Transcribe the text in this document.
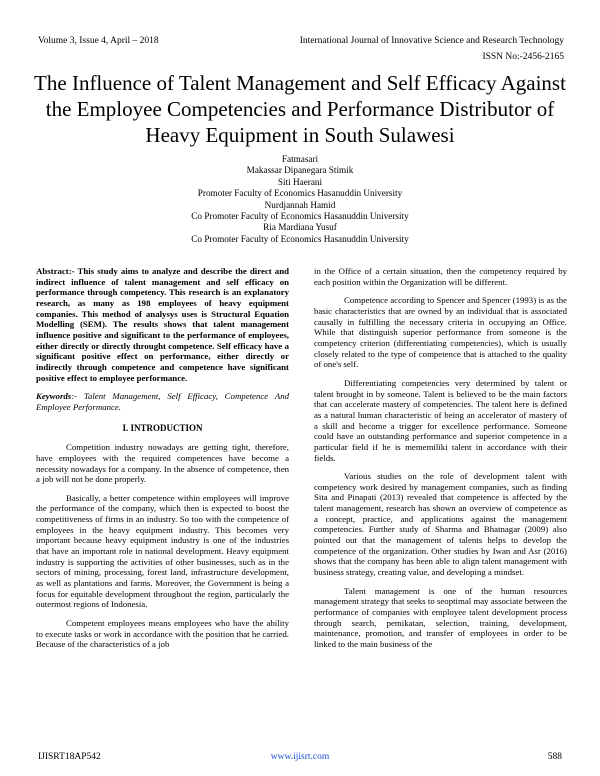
Volume 3, Issue 4, April – 2018	International Journal of Innovative Science and Research Technology
ISSN No:-2456-2165
The Influence of Talent Management and Self Efficacy Against the Employee Competencies and Performance Distributor of Heavy Equipment in South Sulawesi
Fatmasari
Makassar Dipanegara Stimik
Siti Haerani
Promoter Faculty of Economics Hasanuddin University
Nurdjannah Hamid
Co Promoter Faculty of Economics Hasanuddin University
Ria Mardiana Yusuf
Co Promoter Faculty of Economics Hasanuddin University

Abstract:- This study aims to analyze and describe the direct and indirect influence of talent management and self efficacy on performance through competency. This research is an explanatory research, as many as 198 employees of heavy equipment companies. This method of analysys uses is Structural Equation Modelling (SEM). The results shows that talent management influence positive and significant to the performance of employees, either directly or directly throught competence. Self efficacy have a significant positive effect on performance, either directly or indirectly through competence and competence have significant positive effect to employee performance.

Keywords:- Talent Management, Self Efficacy, Competence And Employee Performance.

I. INTRODUCTION

Competition industry nowadays are getting tight, therefore, have employees with the required competences have become a necessity nowadays for a company. In the absence of competence, then a job will not be done properly.

Basically, a better competence within employees will improve the performance of the company, which then is expected to boost the competitiveness of firms in an industry. So too with the competence of employees in the heavy equipment industry. This becomes very important because heavy equipment industry is one of the industries that have an important role in national development. Heavy equipment industry is supporting the activities of other businesses, such as in the sectors of mining, processing, forest land, infrastructure development, as well as plantations and farms. Moreover, the Government is being a focus for equitable development throughout the region, particularly the outermost regions of Indonesia.

Competent employees means employees who have the ability to execute tasks or work in accordance with the position that he carried. Because of the characteristics of a job

in the Office of a certain situation, then the competency required by each position within the Organization will be different.

Competence according to Spencer and Spencer (1993) is as the basic characteristics that are owned by an individual that is associated causally in fulfilling the necessary criteria in occupying an Office. While that distinguish superior performance from someone is the competency criterion (differentiating competencies), which is usually closely related to the type of competence that is attached to the quality of one's self.

Differentiating competencies very determined by talent or talent brought in by someone. Talent is believed to be the main factors that can accelerate mastery of competencies. The talent here is defined as a natural human characteristic of being an accelerator of mastery of a skill and become a trigger for excellence performance. Someone could have an outstanding performance and superior competence in a particular field if he is mememiliki talent in accordance with their fields.

Various studies on the role of development talent with competency work desired by management companies, such as finding Sita and Pinapati (2013) revealed that competence is affected by the talent management, research has shown an overview of competence as a concept, practice, and applications against the management competencies. Further study of Sharma and Bhatnagar (2009) also pointed out that the management of talents helps to develop the competence of the organization. Other studies by Iwan and Asr (2016) shows that the company has been able to align talent management with business strategy, creating value, and developing a mindset.

Talent management is one of the human resources management strategy that seeks to seoptimal may associate between the performance of companies with employee talent development process through search, pemikatan, selection, training, development, maintenance, promotion, and transfer of employees in order to be linked to the main business of the

IJISRT18AP542	www.ijisrt.com	588
